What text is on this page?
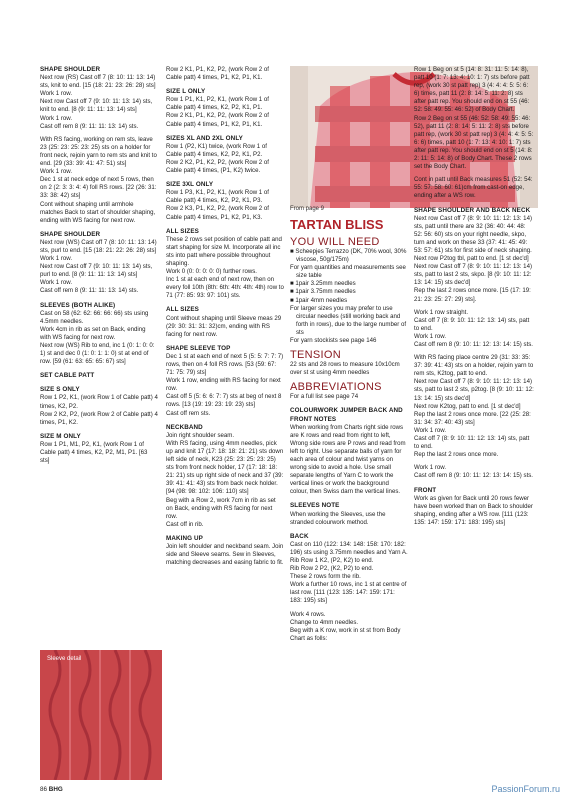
SHAPE SHOULDER

Next row (RS) Cast off 7 (8: 10: 11: 13: 14) sts, knit to end. [15 (18: 21: 23: 26: 28) sts]

Work 1 row.

Next row Cast off 7 (9: 10: 11: 13: 14) sts, knit to end. [8 (9: 11: 11: 13: 14) sts]

Work 1 row.

Cast off rem 8 (9: 11: 11: 13: 14) sts.

With RS facing, working on rem sts, leave 23 (25: 23: 25: 23: 25) sts on a holder for front neck, rejoin yarn to rem sts and knit to end. [29 (33: 39: 41: 47: 51) sts]

Work 1 row.

Dec 1 st at neck edge of next 5 rows, then on 2 (2: 3: 3: 4: 4) foll RS rows. [22 (26: 31: 33: 38: 42) sts]

Cont without shaping until armhole matches Back to start of shoulder shaping, ending with WS facing for next row.

SHAPE SHOULDER

Next row (WS) Cast off 7 (8: 10: 11: 13: 14) sts, purl to end. [15 (18: 21: 22: 26: 28) sts]

Work 1 row.

Next row Cast off 7 (9: 10: 11: 13: 14) sts, purl to end. [8 (9: 11: 11: 13: 14) sts]

Work 1 row.

Cast off rem 8 (9: 11: 11: 13: 14) sts.

SLEEVES (BOTH ALIKE)

Cast on 58 (62: 62: 66: 66: 66) sts using 4.5mm needles.

Work 4cm in rib as set on Back, ending with WS facing for next row.

Next row (WS) Rib to end, inc 1 (0: 1: 0: 0: 1) st and dec 0 (1: 0: 1: 1: 0) st at end of row. [59 (61: 63: 65: 65: 67) sts]

SET CABLE PATT
SIZE S ONLY

Row 1 P2, K1, (work Row 1 of Cable patt) 4 times, K2, P2.

Row 2 K2, P2, (work Row 2 of Cable patt) 4 times, P1, K2.

SIZE M ONLY

Row 1 P1, M1, P2, K1, (work Row 1 of Cable patt) 4 times, K2, P2, M1, P1. [63 sts]

Row 2 K1, P1, K2, P2, (work Row 2 of Cable patt) 4 times, P1, K2, P1, K1.

SIZE L ONLY

Row 1 P1, K1, P2, K1, (work Row 1 of Cable patt) 4 times, K2, P2, K1, P1.

Row 2 K1, P1, K2, P2, (work Row 2 of Cable patt) 4 times, P1, K2, P1, K1.

SIZES XL AND 2XL ONLY

Row 1 (P2, K1) twice, (work Row 1 of Cable patt) 4 times, K2, P2, K1, P2.

Row 2 K2, P1, K2, P2, (work Row 2 of Cable patt) 4 times, (P1, K2) twice.

SIZE 3XL ONLY

Row 1 P3, K1, P2, K1, (work Row 1 of Cable patt) 4 times, K2, P2, K1, P3.

Row 2 K3, P1, K2, P2, (work Row 2 of Cable patt) 4 times, P1, K2, P1, K3.

ALL SIZES

These 2 rows set position of cable patt and start shaping for size M. Incorporate all inc sts into patt where possible throughout shaping.

Work 0 (0: 0: 0: 0: 0) further rows.

Inc 1 st at each end of next row, then on every foll 10th (8th: 6th: 4th: 4th: 4th) row to 71 (77: 85: 93: 97: 101) sts.

ALL SIZES

Cont without shaping until Sleeve meas 29 (29: 30: 31: 31: 32)cm, ending with RS facing for next row.

SHAPE SLEEVE TOP

Dec 1 st at each end of next 5 (5: 5: 7: 7: 7) rows, then on 4 foll RS rows. [53 (59: 67: 71: 75: 79) sts]

Work 1 row, ending with RS facing for next row.

Cast off 5 (5: 6: 6: 7: 7) sts at beg of next 8 rows. [13 (19: 19: 23: 19: 23) sts]

Cast off rem sts.

NECKBAND

Join right shoulder seam.

With RS facing, using 4mm needles, pick up and knit 17 (17: 18: 18: 21: 21) sts down left side of neck, K23 (25: 23: 25: 23: 25) sts from front neck holder, 17 (17: 18: 18: 21: 21) sts up right side of neck and 37 (39: 39: 41: 41: 43) sts from back neck holder. [94 (98: 98: 102: 106: 110) sts]

Beg with a Row 2, work 7cm in rib as set on Back, ending with RS facing for next row.

Cast off in rib.

MAKING UP

Join left shoulder and neckband seam. Join side and Sleeve seams. Sew in Sleeves, matching decreases and easing fabric to fit.

From page 9
TARTAN BLISS
YOU WILL NEED

■ Scheepjes Terrazzo (DK, 70% wool, 30% viscose, 50g/175m)

For yarn quantities and measurements see size table

■ 1pair 3.25mm needles

■ 1pair 3.75mm needles

■ 1pair 4mm needles

For larger sizes you may prefer to use circular needles (still working back and forth in rows), due to the large number of sts

For yarn stockists see page 146

TENSION

22 sts and 28 rows to measure 10x10cm over st st using 4mm needles

ABBREVIATIONS

For a full list see page 74

COLOURWORK JUMPER BACK AND FRONT NOTES

When working from Charts right side rows are K rows and read from right to left, Wrong side rows are P rows and read from left to right. Use separate balls of yarn for each area of colour and twist yarns on wrong side to avoid a hole. Use small separate lengths of Yarn C to work the vertical lines or work the background colour, then Swiss darn the vertical lines.

SLEEVES NOTE

When working the Sleeves, use the stranded colourwork method.

BACK

Cast on 110 (122: 134: 148: 158: 170: 182: 196) sts using 3.75mm needles and Yarn A.

Rib Row 1 K2, (P2, K2) to end.

Rib Row 2 P2, (K2, P2) to end.

These 2 rows form the rib.

Work a further 10 rows, inc 1 st at centre of last row. [111 (123: 135: 147: 159: 171: 183: 195) sts]

Work 4 rows.

Change to 4mm needles.

Beg with a K row, work in st st from Body Chart as folls:

Row 1 Beg on st 5 (14: 8: 31: 11: 5: 14: 8), patt 10 (1: 7: 13: 4: 10: 1: 7) sts before patt rep, (work 30 st patt rep) 3 (4: 4: 4: 5: 5: 6: 6) times, patt 11 (2: 8: 14: 5: 11: 2: 8) sts after patt rep. You should end on st 55 (46: 52: 58: 49: 55: 46: 52) of Body Chart.

Row 2 Beg on st 55 (46: 52: 58: 49: 55: 46: 52), patt 11 (2: 8: 14: 5: 11: 2: 8) sts before patt rep, (work 30 st patt rep) 3 (4: 4: 4: 5: 5: 6: 6) times, patt 10 (1: 7: 13: 4: 10: 1: 7) sts after patt rep. You should end on st 5 (14: 8: 2: 11: 5: 14: 8) of Body Chart. These 2 rows set the Body Chart.

Cont in patt until Back measures 51 (52: 54: 55: 57: 58: 60: 61)cm from cast-on edge, ending after a WS row.

SHAPE SHOULDER AND BACK NECK

Next row Cast off 7 (8: 9: 10: 11: 12: 13: 14) sts, patt until there are 32 (36: 40: 44: 48: 52: 56: 60) sts on your right needle, skpo, turn and work on these 33 (37: 41: 45: 49: 53: 57: 61) sts for first side of neck shaping.

Next row P2tog tbl, patt to end. [1 st dec'd]

Next row Cast off 7 (8: 9: 10: 11: 12: 13: 14) sts, patt to last 2 sts, skpo. [8 (9: 10: 11: 12: 13: 14: 15) sts dec'd]

Rep the last 2 rows once more. [15 (17: 19: 21: 23: 25: 27: 29) sts].

Work 1 row straight.

Cast off 7 (8: 9: 10: 11: 12: 13: 14) sts, patt to end.

Work 1 row.

Cast off rem 8 (9: 10: 11: 12: 13: 14: 15) sts.

With RS facing place centre 29 (31: 33: 35: 37: 39: 41: 43) sts on a holder, rejoin yarn to rem sts, K2tog, patt to end.

Next row Cast off 7 (8: 9: 10: 11: 12: 13: 14) sts, patt to last 2 sts, p2tog. [8 (9: 10: 11: 12: 13: 14: 15) sts dec'd]

Next row K2tog, patt to end. [1 st dec'd]

Rep the last 2 rows once more. [22 (25: 28: 31: 34: 37: 40: 43) sts]

Work 1 row.

Cast off 7 (8: 9: 10: 11: 12: 13: 14) sts, patt to end.

Rep the last 2 rows once more.

Work 1 row.

Cast off rem 8 (9: 10: 11: 12: 13: 14: 15) sts.

FRONT

Work as given for Back until 20 rows fewer have been worked than on Back to shoulder shaping, ending after a WS row. [111 (123: 135: 147: 159: 171: 183: 195) sts]

Sleeve detail
86 BHG	PassionForum.ru
